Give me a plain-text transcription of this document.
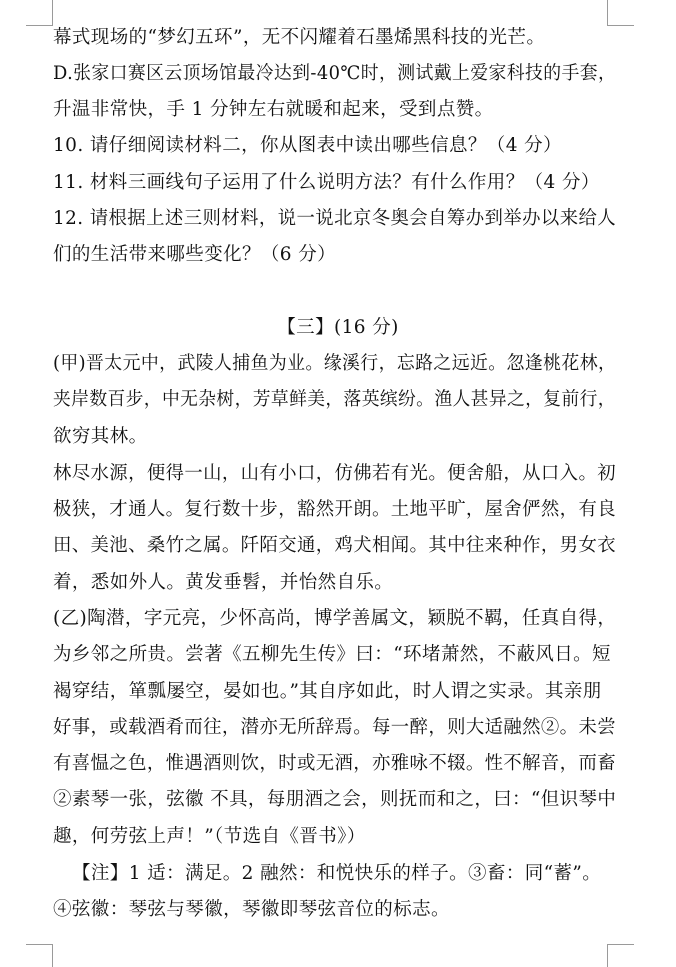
幕式现场的“梦幻五环”，无不闪耀着石墨烯黑科技的光芒。
D.张家口赛区云顶场馆最冷达到-40℃时，测试戴上爱家科技的手套，
升温非常快，手 1 分钟左右就暖和起来，受到点赞。
10. 请仔细阅读材料二，你从图表中读出哪些信息？（4 分）
11. 材料三画线句子运用了什么说明方法？有什么作用？（4 分）
12. 请根据上述三则材料，说一说北京冬奥会自筹办到举办以来给人
们的生活带来哪些变化？（6 分）
【三】(16 分)
(甲)晋太元中，武陵人捕鱼为业。缘溪行，忘路之远近。忽逢桃花林，
夹岸数百步，中无杂树，芳草鲜美，落英缤纷。渔人甚异之，复前行，
欲穷其林。
林尽水源，便得一山，山有小口，仿佛若有光。便舍船，从口入。初
极狭，才通人。复行数十步，豁然开朗。土地平旷，屋舍俨然，有良
田、美池、桑竹之属。阡陌交通，鸡犬相闻。其中往来种作，男女衣
着，悉如外人。黄发垂髫，并怡然自乐。
(乙)陶潜，字元亮，少怀高尚，博学善属文，颖脱不羁，任真自得，
为乡邻之所贵。尝著《五柳先生传》曰：“环堵萧然，不蔽风日。短
褐穿结，箪瓢屡空，晏如也。”其自序如此，时人谓之实录。其亲朋
好事，或载酒肴而往，潜亦无所辞焉。每一醉，则大适融然②。未尝
有喜愠之色，惟遇酒则饮，时或无酒，亦雅咏不辍。性不解音，而畜
②素琴一张，弦徽 不具，每朋酒之会，则抚而和之，曰：“但识琴中
趣，何劳弦上声！”（节选自《晋书》）
【注】1 适：满足。2 融然：和悦快乐的样子。③畜：同“蓄”。
④弦徽：琴弦与琴徽，琴徽即琴弦音位的标志。
